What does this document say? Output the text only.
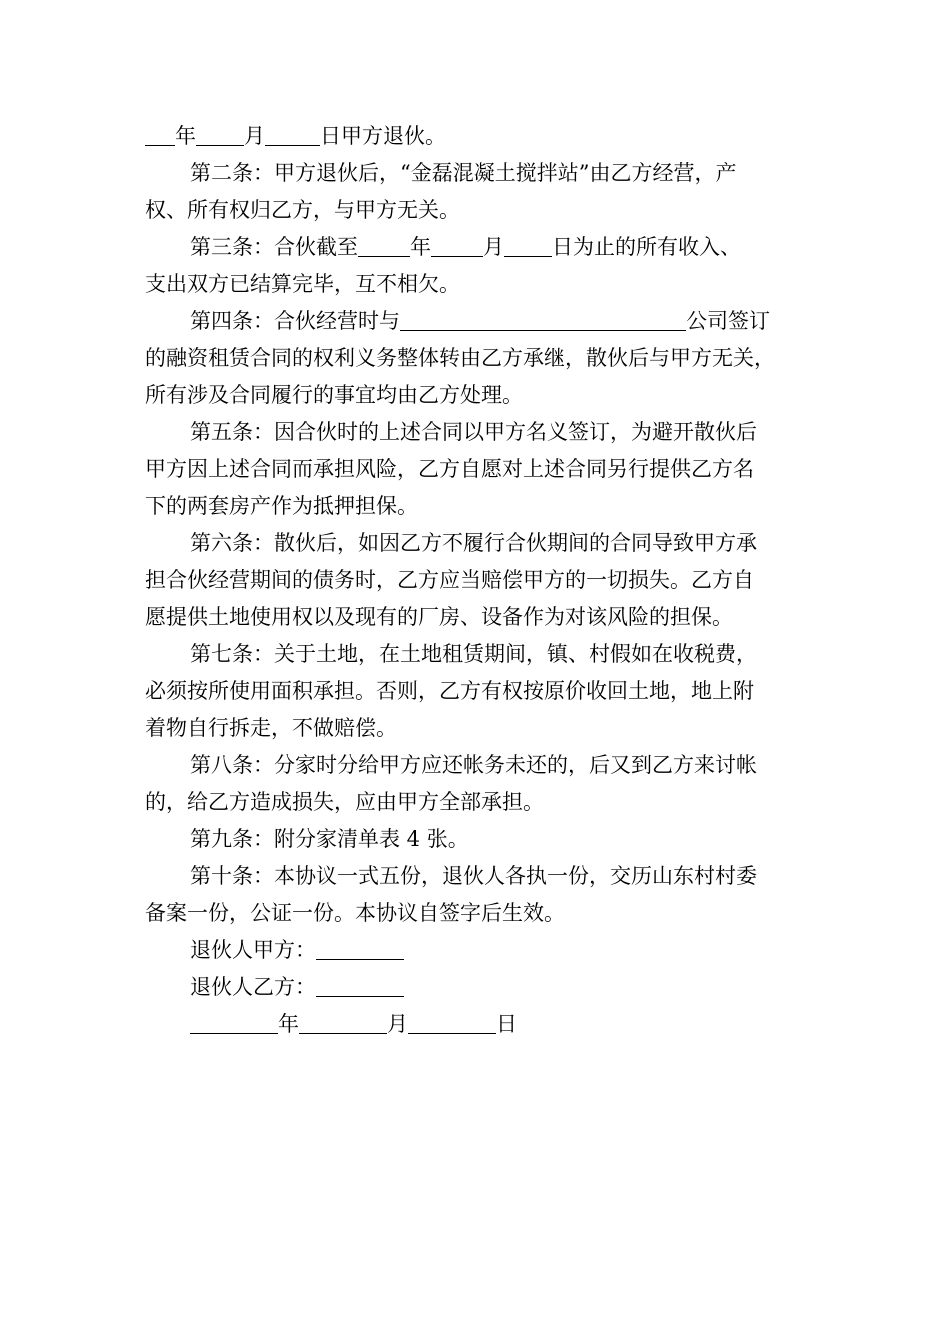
年 月	日甲方退伙。
第二条：甲方退伙后，“金磊混凝土搅拌站”由乙方经营，产
权、所有权归乙方，与甲方无关。
第三条：合伙截至 年 月 日为止的所有收入、
支出双方已结算完毕，互不相欠。
第四条：合伙经营时与	公司签订
的融资租赁合同的权利义务整体转由乙方承继，散伙后与甲方无关，
所有涉及合同履行的事宜均由乙方处理。
第五条：因合伙时的上述合同以甲方名义签订，为避开散伙后
甲方因上述合同而承担风险，乙方自愿对上述合同另行提供乙方名
下的两套房产作为抵押担保。
第六条：散伙后，如因乙方不履行合伙期间的合同导致甲方承
担合伙经营期间的债务时，乙方应当赔偿甲方的一切损失。乙方自
愿提供土地使用权以及现有的厂房、设备作为对该风险的担保。
第七条：关于土地，在土地租赁期间，镇、村假如在收税费，
必须按所使用面积承担。否则，乙方有权按原价收回土地，地上附
着物自行拆走，不做赔偿。
第八条：分家时分给甲方应还帐务未还的，后又到乙方来讨帐
的，给乙方造成损失，应由甲方全部承担。
第九条：附分家清单表 4 张。
第十条：本协议一式五份，退伙人各执一份，交历山东村村委
备案一份，公证一份。本协议自签字后生效。
退伙人甲方：
退伙人乙方：
年	月	日
